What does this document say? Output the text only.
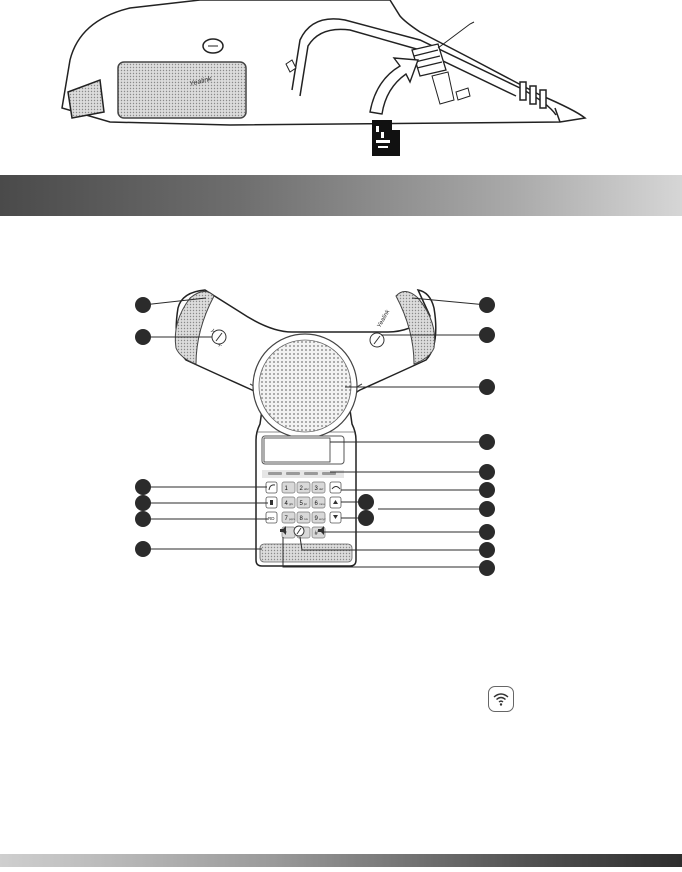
Yealink
Yealink
RD
1 2 abc 3 def
4 ghi 5 jkl 6 mno
7 pqrs 8 tuv 9 wxyz
#
